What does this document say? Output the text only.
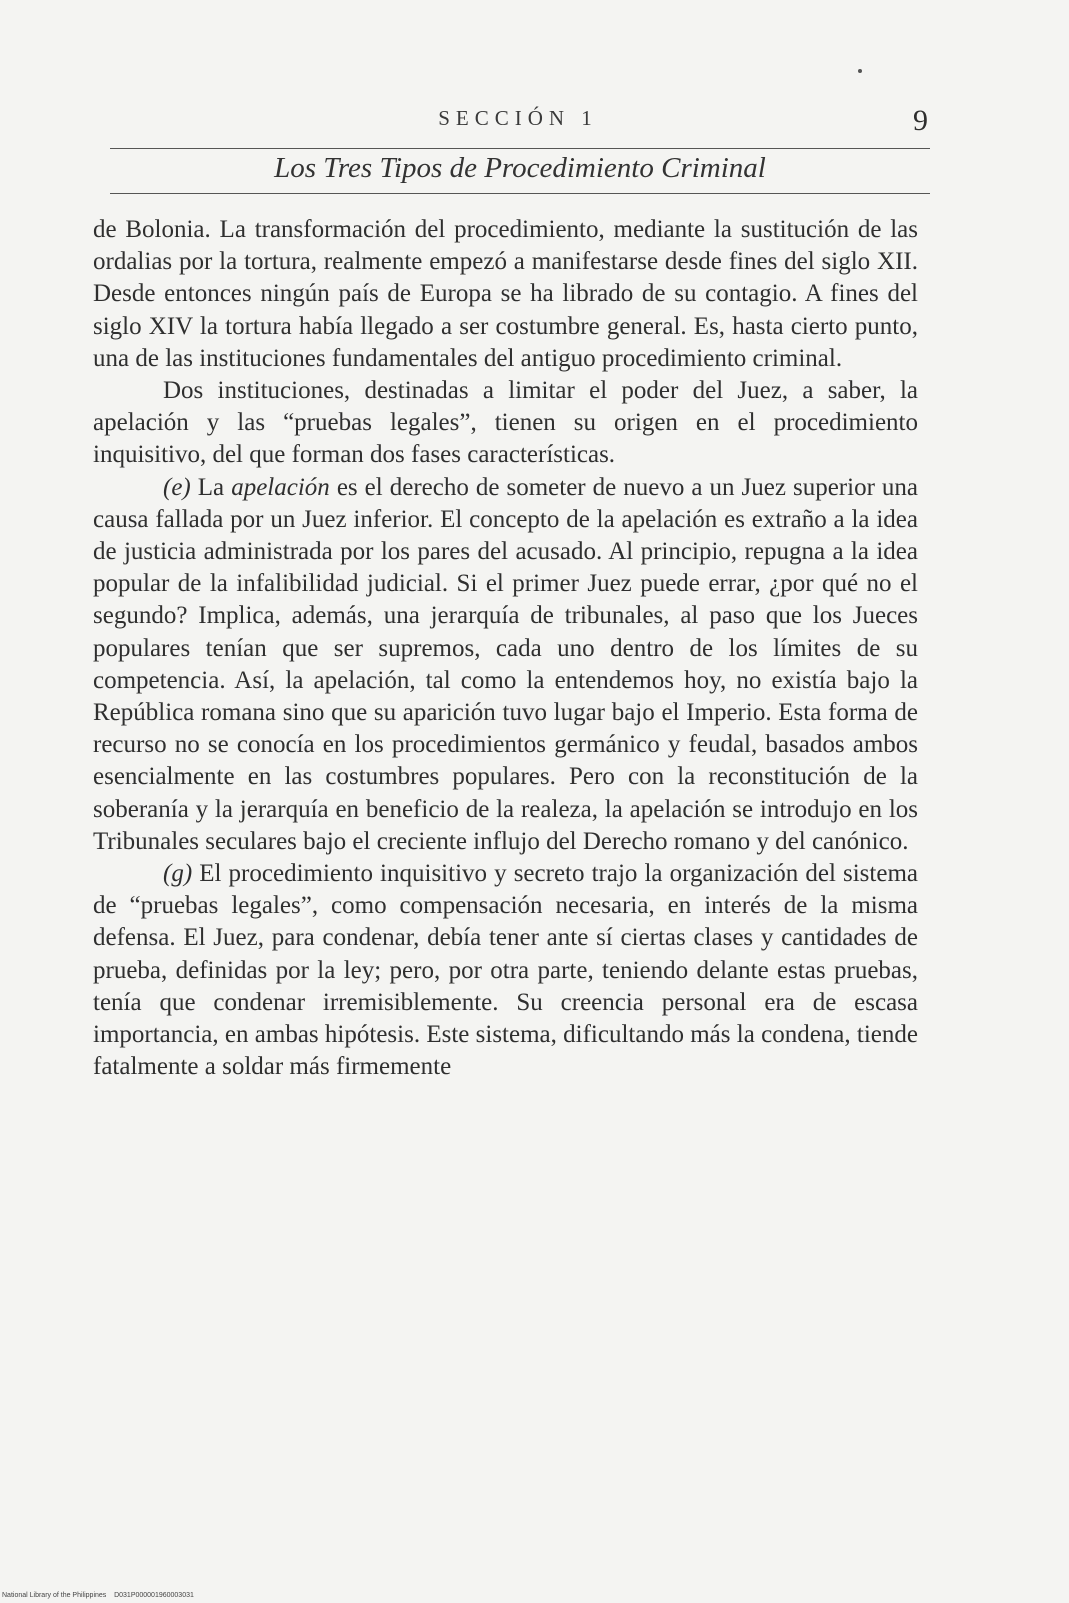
SECCIÓN 1	9
Los Tres Tipos de Procedimiento Criminal

de Bolonia. La transformación del procedimiento, mediante la sustitución de las ordalias por la tortura, realmente empezó a manifestarse desde fines del siglo XII. Desde entonces ningún país de Europa se ha librado de su contagio. A fines del siglo XIV la tortura había llegado a ser costumbre general. Es, hasta cierto punto, una de las instituciones fundamentales del antiguo procedimiento criminal.

Dos instituciones, destinadas a limitar el poder del Juez, a saber, la apelación y las “pruebas legales”, tienen su origen en el procedimiento inquisitivo, del que forman dos fases características.

(e) La apelación es el derecho de someter de nuevo a un Juez superior una causa fallada por un Juez inferior. El concepto de la apelación es extraño a la idea de justicia administrada por los pares del acusado. Al principio, repugna a la idea popular de la infalibilidad judicial. Si el primer Juez puede errar, ¿por qué no el segundo? Implica, además, una jerarquía de tribunales, al paso que los Jueces populares tenían que ser supremos, cada uno dentro de los límites de su competencia. Así, la apelación, tal como la entendemos hoy, no existía bajo la República romana sino que su aparición tuvo lugar bajo el Imperio. Esta forma de recurso no se conocía en los procedimientos germánico y feudal, basados ambos esencialmente en las costumbres populares. Pero con la reconstitución de la soberanía y la jerarquía en beneficio de la realeza, la apelación se introdujo en los Tribunales seculares bajo el creciente influjo del Derecho romano y del canónico.

(g) El procedimiento inquisitivo y secreto trajo la organización del sistema de “pruebas legales”, como compensación necesaria, en interés de la misma defensa. El Juez, para condenar, debía tener ante sí ciertas clases y cantidades de prueba, definidas por la ley; pero, por otra parte, teniendo delante estas pruebas, tenía que condenar irremisiblemente. Su creencia personal era de escasa importancia, en ambas hipótesis. Este sistema, dificultando más la condena, tiende fatalmente a soldar más firmemente

National Library of the Philippines D031P000001960003031
